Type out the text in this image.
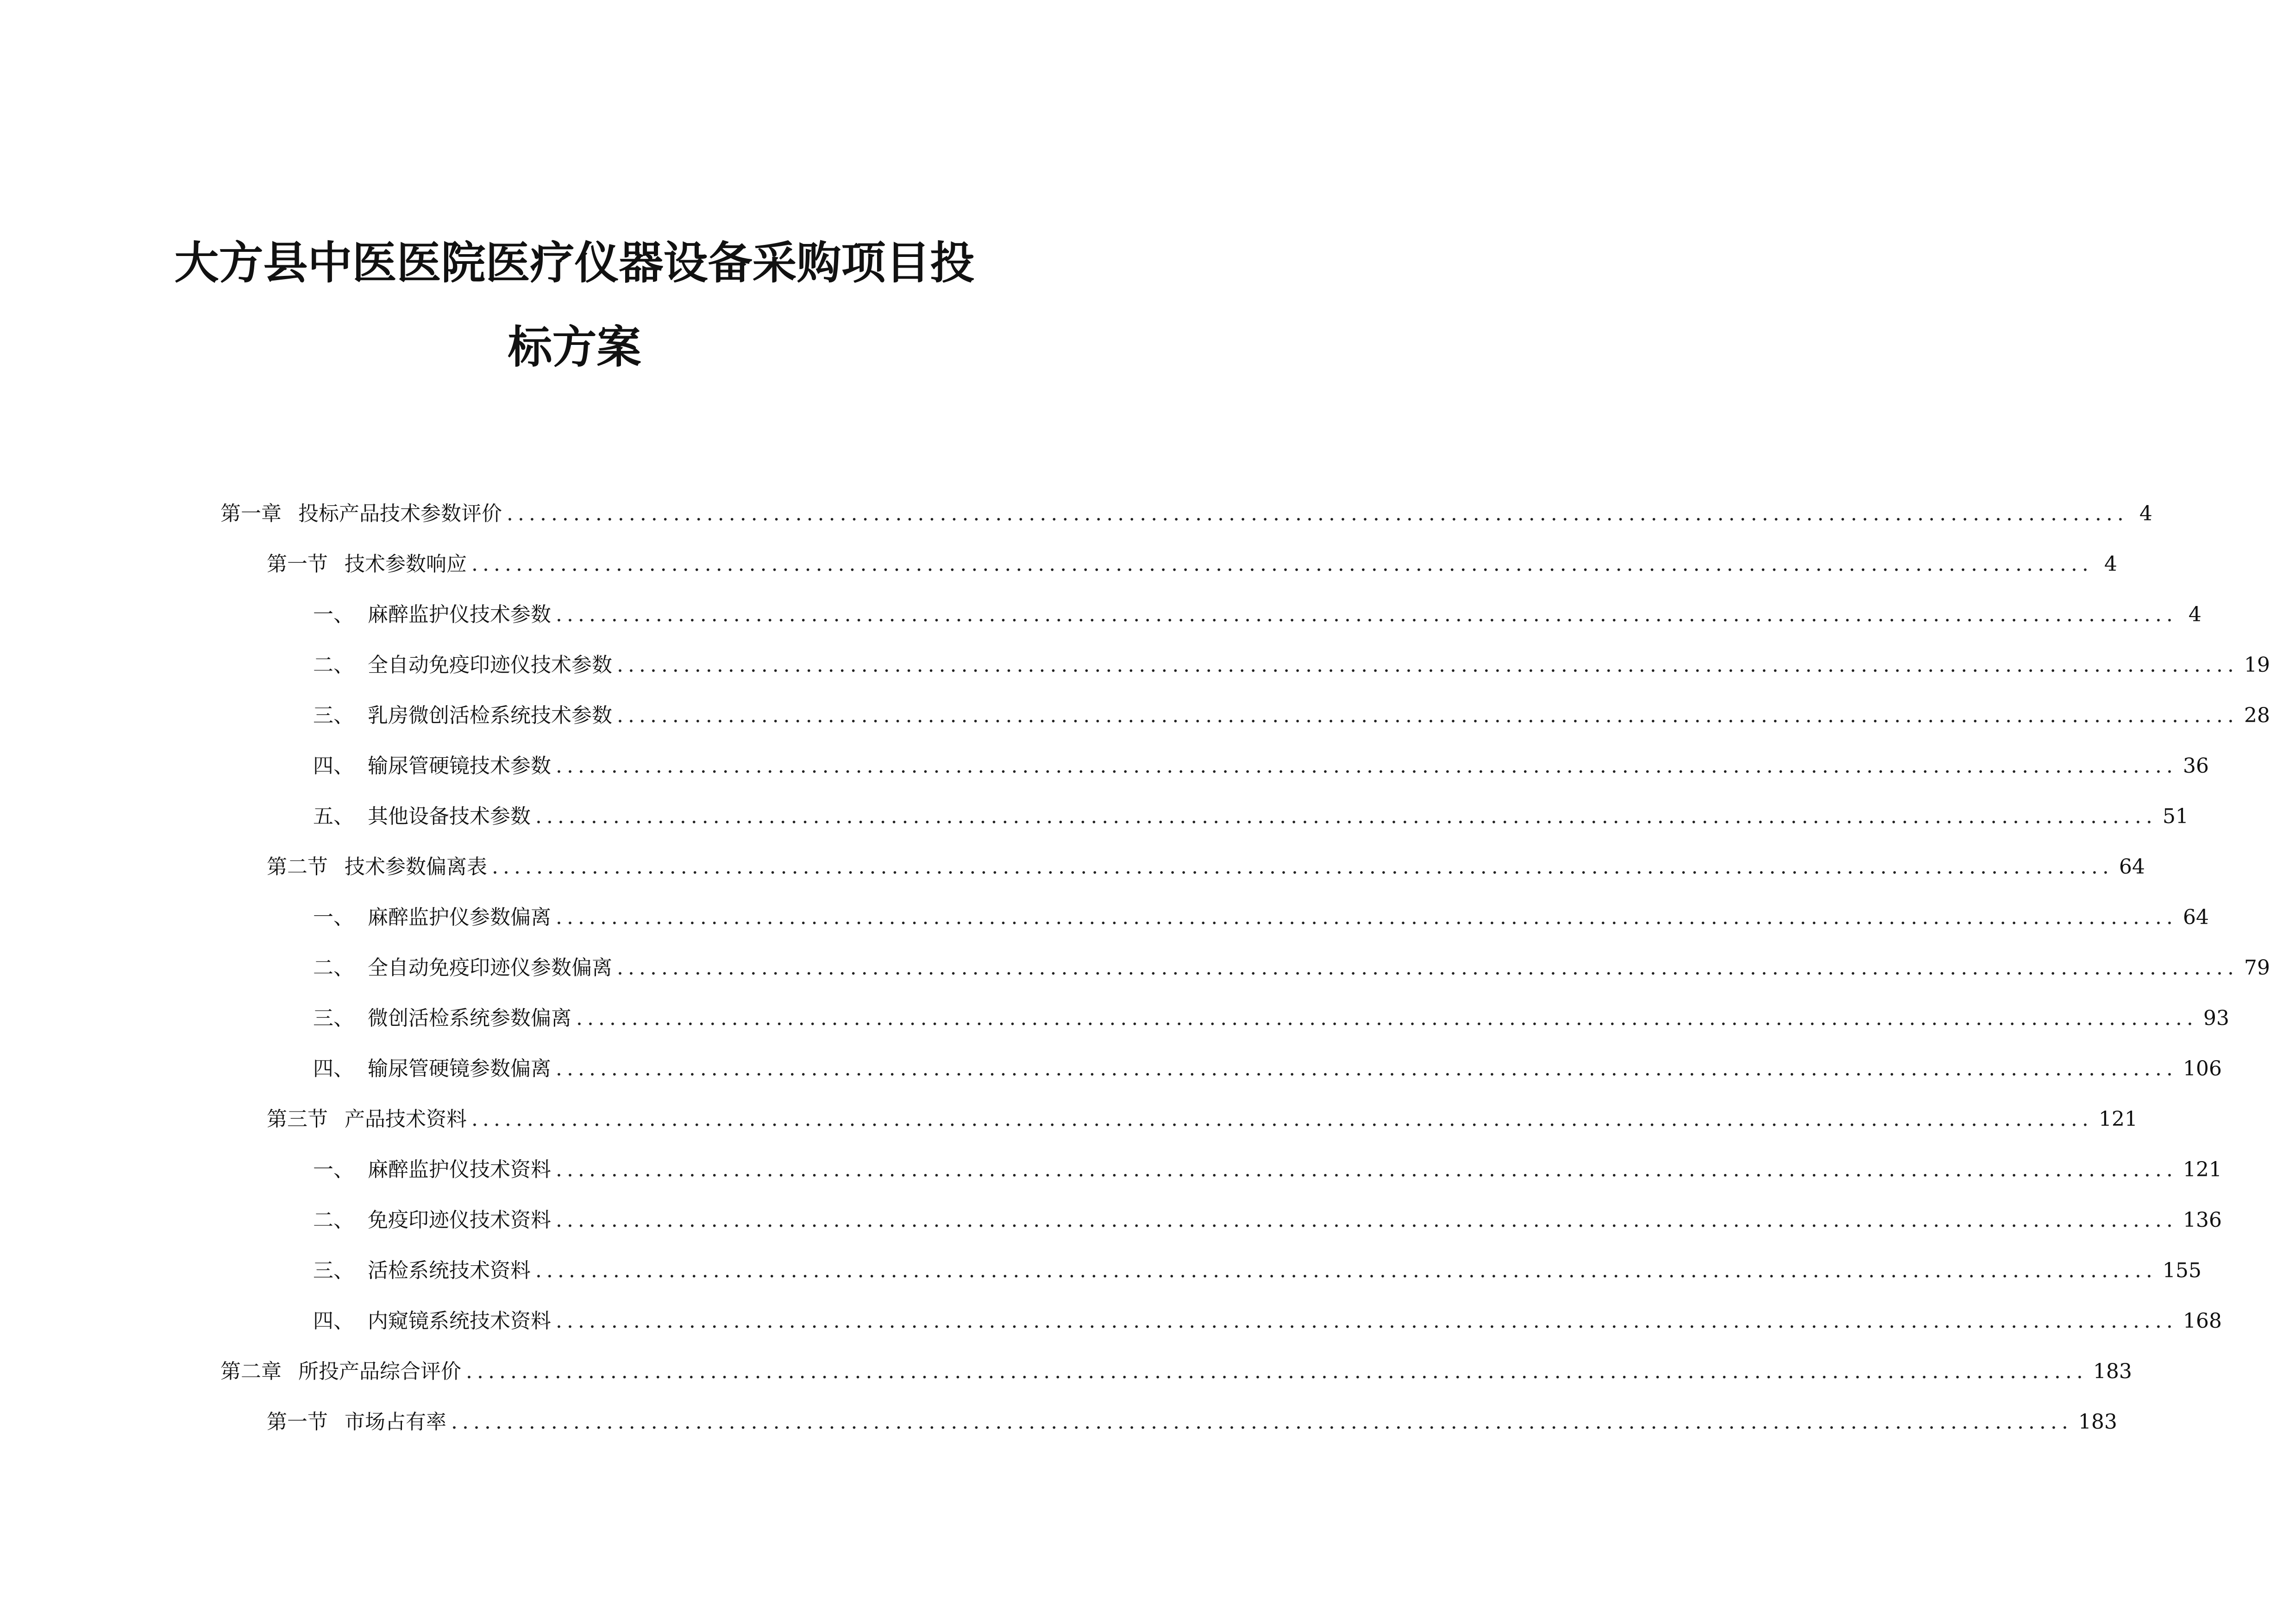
大方县中医医院医疗仪器设备采购项目投
标方案
第一章 投标产品技术参数评价 .................................................................................................................................................. 4
第一节 技术参数响应 .................................................................................................................................................. 4
一、 麻醉监护仪技术参数 .................................................................................................................................................. 4
二、 全自动免疫印迹仪技术参数 .................................................................................................................................................. 19
三、 乳房微创活检系统技术参数 .................................................................................................................................................. 28
四、 输尿管硬镜技术参数 .................................................................................................................................................. 36
五、 其他设备技术参数 .................................................................................................................................................. 51
第二节 技术参数偏离表 .................................................................................................................................................. 64
一、 麻醉监护仪参数偏离 .................................................................................................................................................. 64
二、 全自动免疫印迹仪参数偏离 .................................................................................................................................................. 79
三、 微创活检系统参数偏离 .................................................................................................................................................. 93
四、 输尿管硬镜参数偏离 .................................................................................................................................................. 106
第三节 产品技术资料 .................................................................................................................................................. 121
一、 麻醉监护仪技术资料 .................................................................................................................................................. 121
二、 免疫印迹仪技术资料 .................................................................................................................................................. 136
三、 活检系统技术资料 .................................................................................................................................................. 155
四、 内窥镜系统技术资料 .................................................................................................................................................. 168
第二章 所投产品综合评价 .................................................................................................................................................. 183
第一节 市场占有率 .................................................................................................................................................. 183
